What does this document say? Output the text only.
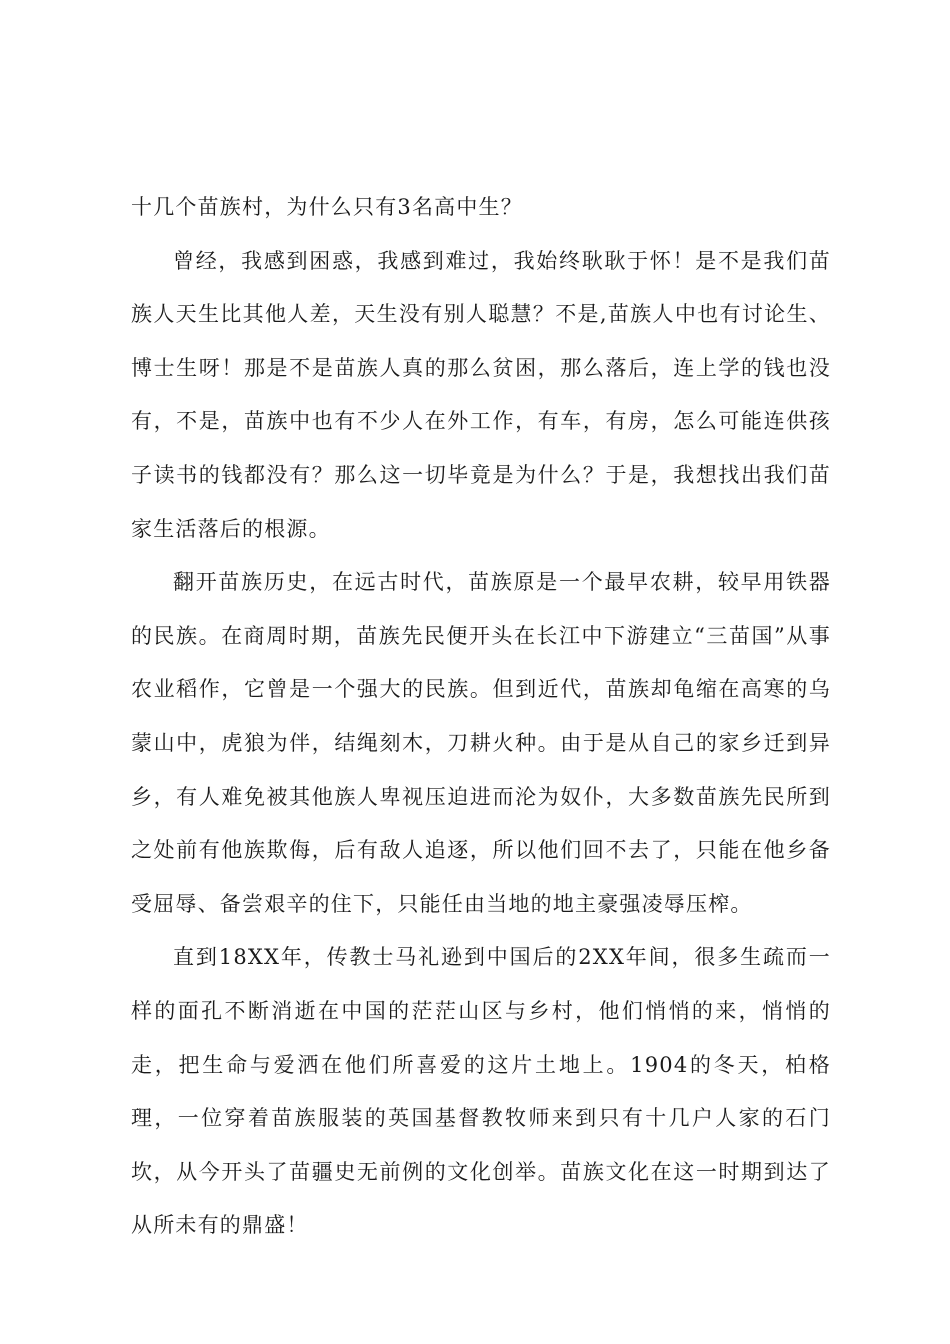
十几个苗族村，为什么只有3名高中生？

曾经，我感到困惑，我感到难过，我始终耿耿于怀！是不是我们苗族人天生比其他人差，天生没有别人聪慧？不是,苗族人中也有讨论生、博士生呀！那是不是苗族人真的那么贫困，那么落后，连上学的钱也没有，不是，苗族中也有不少人在外工作，有车，有房，怎么可能连供孩子读书的钱都没有？那么这一切毕竟是为什么？于是，我想找出我们苗家生活落后的根源。

翻开苗族历史，在远古时代，苗族原是一个最早农耕，较早用铁器的民族。在商周时期，苗族先民便开头在长江中下游建立“三苗国”从事农业稻作，它曾是一个强大的民族。但到近代，苗族却龟缩在高寒的乌蒙山中，虎狼为伴，结绳刻木，刀耕火种。由于是从自己的家乡迁到异乡，有人难免被其他族人卑视压迫进而沦为奴仆，大多数苗族先民所到之处前有他族欺侮，后有敌人追逐，所以他们回不去了，只能在他乡备受屈辱、备尝艰辛的住下，只能任由当地的地主豪强凌辱压榨。

直到18XX年，传教士马礼逊到中国后的2XX年间，很多生疏而一样的面孔不断消逝在中国的茫茫山区与乡村，他们悄悄的来，悄悄的走，把生命与爱洒在他们所喜爱的这片土地上。1904的冬天，柏格理，一位穿着苗族服装的英国基督教牧师来到只有十几户人家的石门坎，从今开头了苗疆史无前例的文化创举。苗族文化在这一时期到达了从所未有的鼎盛！
